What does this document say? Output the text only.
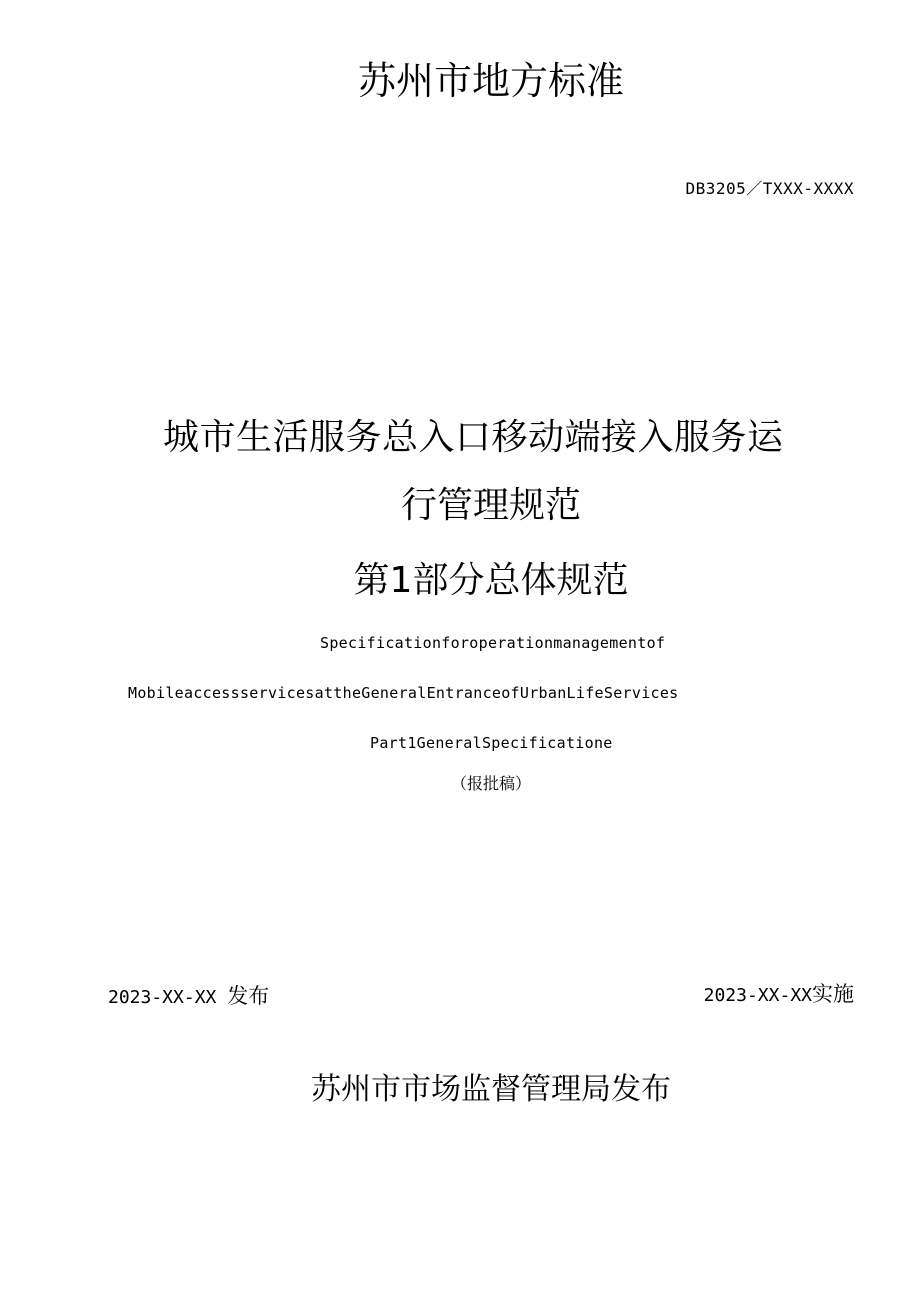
苏州市地方标准
DB3205／TXXX-XXXX
城市生活服务总入口移动端接入服务运
行管理规范
第1部分总体规范
Specificationforoperationmanagementof
MobileaccessservicesattheGeneralEntranceofUrbanLifeServices
Part1GeneralSpecificatione
（报批稿）
2023-XX-XX 发布	2023-XX-XX实施
苏州市市场监督管理局发布
